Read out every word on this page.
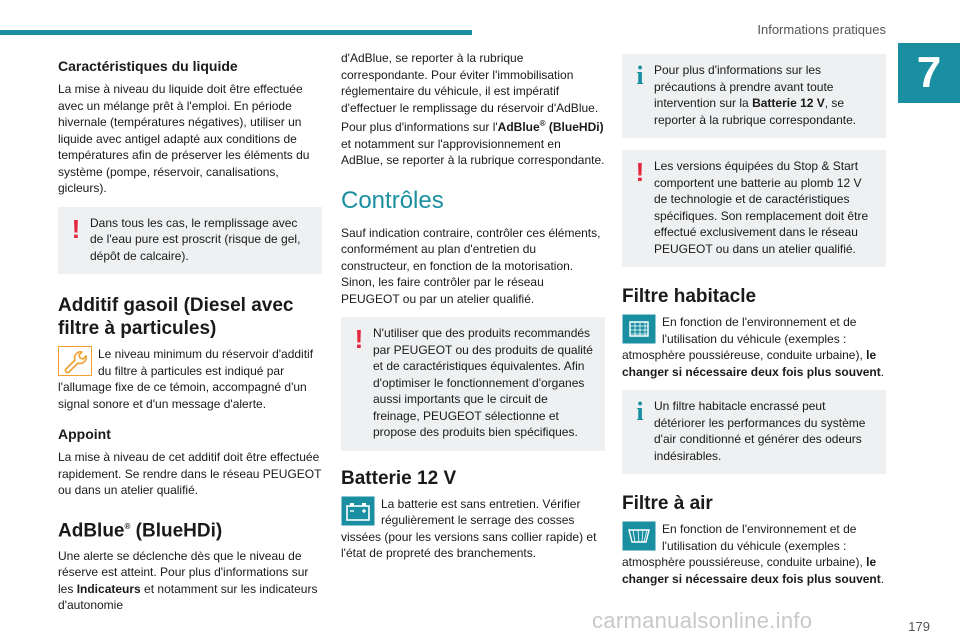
Informations pratiques
7
Caractéristiques du liquide

La mise à niveau du liquide doit être effectuée avec un mélange prêt à l'emploi. En période hivernale (températures négatives), utiliser un liquide avec antigel adapté aux conditions de températures afin de préserver les éléments du système (pompe, réservoir, canalisations, gicleurs).

! Dans tous les cas, le remplissage avec de l'eau pure est proscrit (risque de gel, dépôt de calcaire).

Additif gasoil (Diesel avec filtre à particules)
Le niveau minimum du réservoir d'additif du filtre à particules est indiqué par l'allumage fixe de ce témoin, accompagné d'un signal sonore et d'un message d'alerte.
Appoint

La mise à niveau de cet additif doit être effectuée rapidement. Se rendre dans le réseau PEUGEOT ou dans un atelier qualifié.

AdBlue® (BlueHDi)

Une alerte se déclenche dès que le niveau de réserve est atteint. Pour plus d'informations sur les Indicateurs et notamment sur les indicateurs d'autonomie

d'AdBlue, se reporter à la rubrique correspondante. Pour éviter l'immobilisation réglementaire du véhicule, il est impératif d'effectuer le remplissage du réservoir d'AdBlue. Pour plus d'informations sur l'AdBlue® (BlueHDi) et notamment sur l'approvisionnement en AdBlue, se reporter à la rubrique correspondante.

Contrôles

Sauf indication contraire, contrôler ces éléments, conformément au plan d'entretien du constructeur, en fonction de la motorisation. Sinon, les faire contrôler par le réseau PEUGEOT ou par un atelier qualifié.

! N'utiliser que des produits recommandés par PEUGEOT ou des produits de qualité et de caractéristiques équivalentes. Afin d'optimiser le fonctionnement d'organes aussi importants que le circuit de freinage, PEUGEOT sélectionne et propose des produits bien spécifiques.

Batterie 12 V
La batterie est sans entretien. Vérifier régulièrement le serrage des cosses vissées (pour les versions sans collier rapide) et l'état de propreté des branchements.
i Pour plus d'informations sur les précautions à prendre avant toute intervention sur la Batterie 12 V, se reporter à la rubrique correspondante.

! Les versions équipées du Stop & Start comportent une batterie au plomb 12 V de technologie et de caractéristiques spécifiques. Son remplacement doit être effectué exclusivement dans le réseau PEUGEOT ou dans un atelier qualifié.

Filtre habitacle
En fonction de l'environnement et de l'utilisation du véhicule (exemples : atmosphère poussiéreuse, conduite urbaine), le changer si nécessaire deux fois plus souvent.
i Un filtre habitacle encrassé peut détériorer les performances du système d'air conditionné et générer des odeurs indésirables.

Filtre à air
En fonction de l'environnement et de l'utilisation du véhicule (exemples : atmosphère poussiéreuse, conduite urbaine), le changer si nécessaire deux fois plus souvent.
carmanualsonline.info	179
